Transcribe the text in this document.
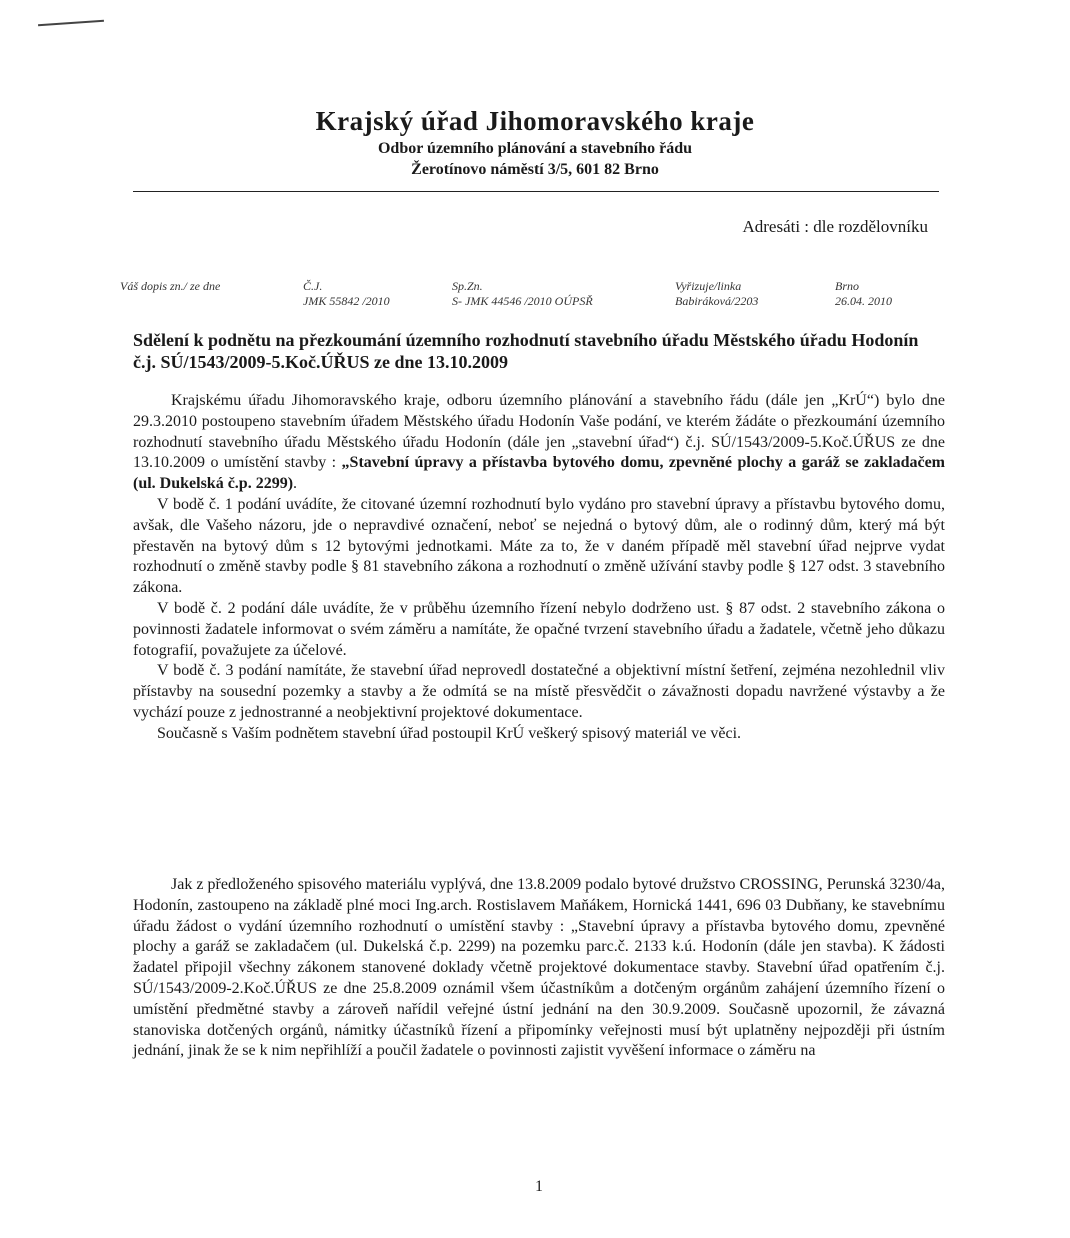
Krajský úřad Jihomoravského kraje
Odbor územního plánování a stavebního řádu
Žerotínovo náměstí 3/5, 601 82 Brno
Adresáti : dle rozdělovníku
Váš dopis zn./ ze dne	Č.J.
JMK 55842 /2010
Sp.Zn.
S- JMK 44546 /2010 OÚPSŘ
Vyřizuje/linka
Babiráková/2203
Brno
26.04. 2010
Sdělení k podnětu na přezkoumání územního rozhodnutí stavebního úřadu Městského úřadu Hodonín č.j. SÚ/1543/2009-5.Koč.ÚŘUS ze dne 13.10.2009

Krajskému úřadu Jihomoravského kraje, odboru územního plánování a stavebního řádu (dále jen „KrÚ“) bylo dne 29.3.2010 postoupeno stavebním úřadem Městského úřadu Hodonín Vaše podání, ve kterém žádáte o přezkoumání územního rozhodnutí stavebního úřadu Městského úřadu Hodonín (dále jen „stavební úřad“) č.j. SÚ/1543/2009-5.Koč.ÚŘUS ze dne 13.10.2009 o umístění stavby : „Stavební úpravy a přístavba bytového domu, zpevněné plochy a garáž se zakladačem (ul. Dukelská č.p. 2299).

V bodě č. 1 podání uvádíte, že citované územní rozhodnutí bylo vydáno pro stavební úpravy a přístavbu bytového domu, avšak, dle Vašeho názoru, jde o nepravdivé označení, neboť se nejedná o bytový dům, ale o rodinný dům, který má být přestavěn na bytový dům s 12 bytovými jednotkami. Máte za to, že v daném případě měl stavební úřad nejprve vydat rozhodnutí o změně stavby podle § 81 stavebního zákona a rozhodnutí o změně užívání stavby podle § 127 odst. 3 stavebního zákona.

V bodě č. 2 podání dále uvádíte, že v průběhu územního řízení nebylo dodrženo ust. § 87 odst. 2 stavebního zákona o povinnosti žadatele informovat o svém záměru a namítáte, že opačné tvrzení stavebního úřadu a žadatele, včetně jeho důkazu fotografií, považujete za účelové.

V bodě č. 3 podání namítáte, že stavební úřad neprovedl dostatečné a objektivní místní šetření, zejména nezohlednil vliv přístavby na sousední pozemky a stavby a že odmítá se na místě přesvědčit o závažnosti dopadu navržené výstavby a že vychází pouze z jednostranné a neobjektivní projektové dokumentace.

Současně s Vaším podnětem stavební úřad postoupil KrÚ veškerý spisový materiál ve věci.

Jak z předloženého spisového materiálu vyplývá, dne 13.8.2009 podalo bytové družstvo CROSSING, Perunská 3230/4a, Hodonín, zastoupeno na základě plné moci Ing.arch. Rostislavem Maňákem, Hornická 1441, 696 03 Dubňany, ke stavebnímu úřadu žádost o vydání územního rozhodnutí o umístění stavby : „Stavební úpravy a přístavba bytového domu, zpevněné plochy a garáž se zakladačem (ul. Dukelská č.p. 2299) na pozemku parc.č. 2133 k.ú. Hodonín (dále jen stavba). K žádosti žadatel připojil všechny zákonem stanovené doklady včetně projektové dokumentace stavby. Stavební úřad opatřením č.j. SÚ/1543/2009-2.Koč.ÚŘUS ze dne 25.8.2009 oznámil všem účastníkům a dotčeným orgánům zahájení územního řízení o umístění předmětné stavby a zároveň nařídil veřejné ústní jednání na den 30.9.2009. Současně upozornil, že závazná stanoviska dotčených orgánů, námitky účastníků řízení a připomínky veřejnosti musí být uplatněny nejpozději při ústním jednání, jinak že se k nim nepřihlíží a poučil žadatele o povinnosti zajistit vyvěšení informace o záměru na

1
